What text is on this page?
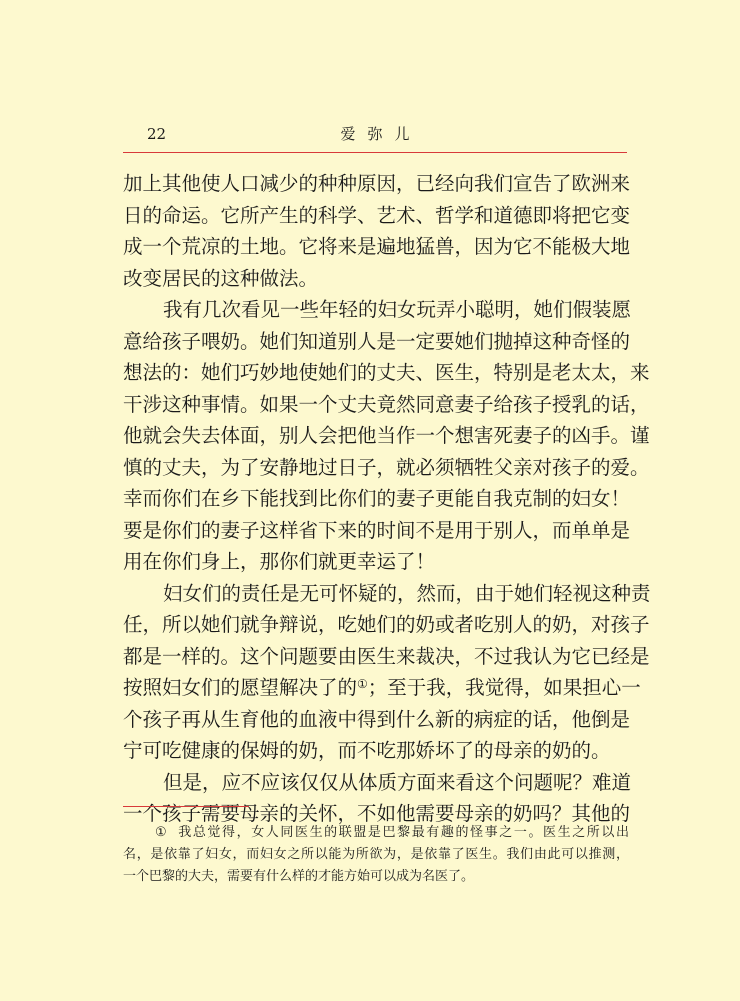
22	爱弥儿
加上其他使人口减少的种种原因，已经向我们宣告了欧洲来
日的命运。它所产生的科学、艺术、哲学和道德即将把它变
成一个荒凉的土地。它将来是遍地猛兽，因为它不能极大地
改变居民的这种做法。
我有几次看见一些年轻的妇女玩弄小聪明，她们假装愿
意给孩子喂奶。她们知道别人是一定要她们抛掉这种奇怪的
想法的：她们巧妙地使她们的丈夫、医生，特别是老太太，来
干涉这种事情。如果一个丈夫竟然同意妻子给孩子授乳的话，
他就会失去体面，别人会把他当作一个想害死妻子的凶手。谨
慎的丈夫，为了安静地过日子，就必须牺牲父亲对孩子的爱。
幸而你们在乡下能找到比你们的妻子更能自我克制的妇女！
要是你们的妻子这样省下来的时间不是用于别人，而单单是
用在你们身上，那你们就更幸运了！
妇女们的责任是无可怀疑的，然而，由于她们轻视这种责
任，所以她们就争辩说，吃她们的奶或者吃别人的奶，对孩子
都是一样的。这个问题要由医生来裁决，不过我认为它已经是
按照妇女们的愿望解决了的①；至于我，我觉得，如果担心一
个孩子再从生育他的血液中得到什么新的病症的话，他倒是
宁可吃健康的保姆的奶，而不吃那娇坏了的母亲的奶的。
但是，应不应该仅仅从体质方面来看这个问题呢？难道
一个孩子需要母亲的关怀，不如他需要母亲的奶吗？其他的
① 我总觉得，女人同医生的联盟是巴黎最有趣的怪事之一。医生之所以出
名，是依靠了妇女，而妇女之所以能为所欲为，是依靠了医生。我们由此可以推测，
一个巴黎的大夫，需要有什么样的才能方始可以成为名医了。
